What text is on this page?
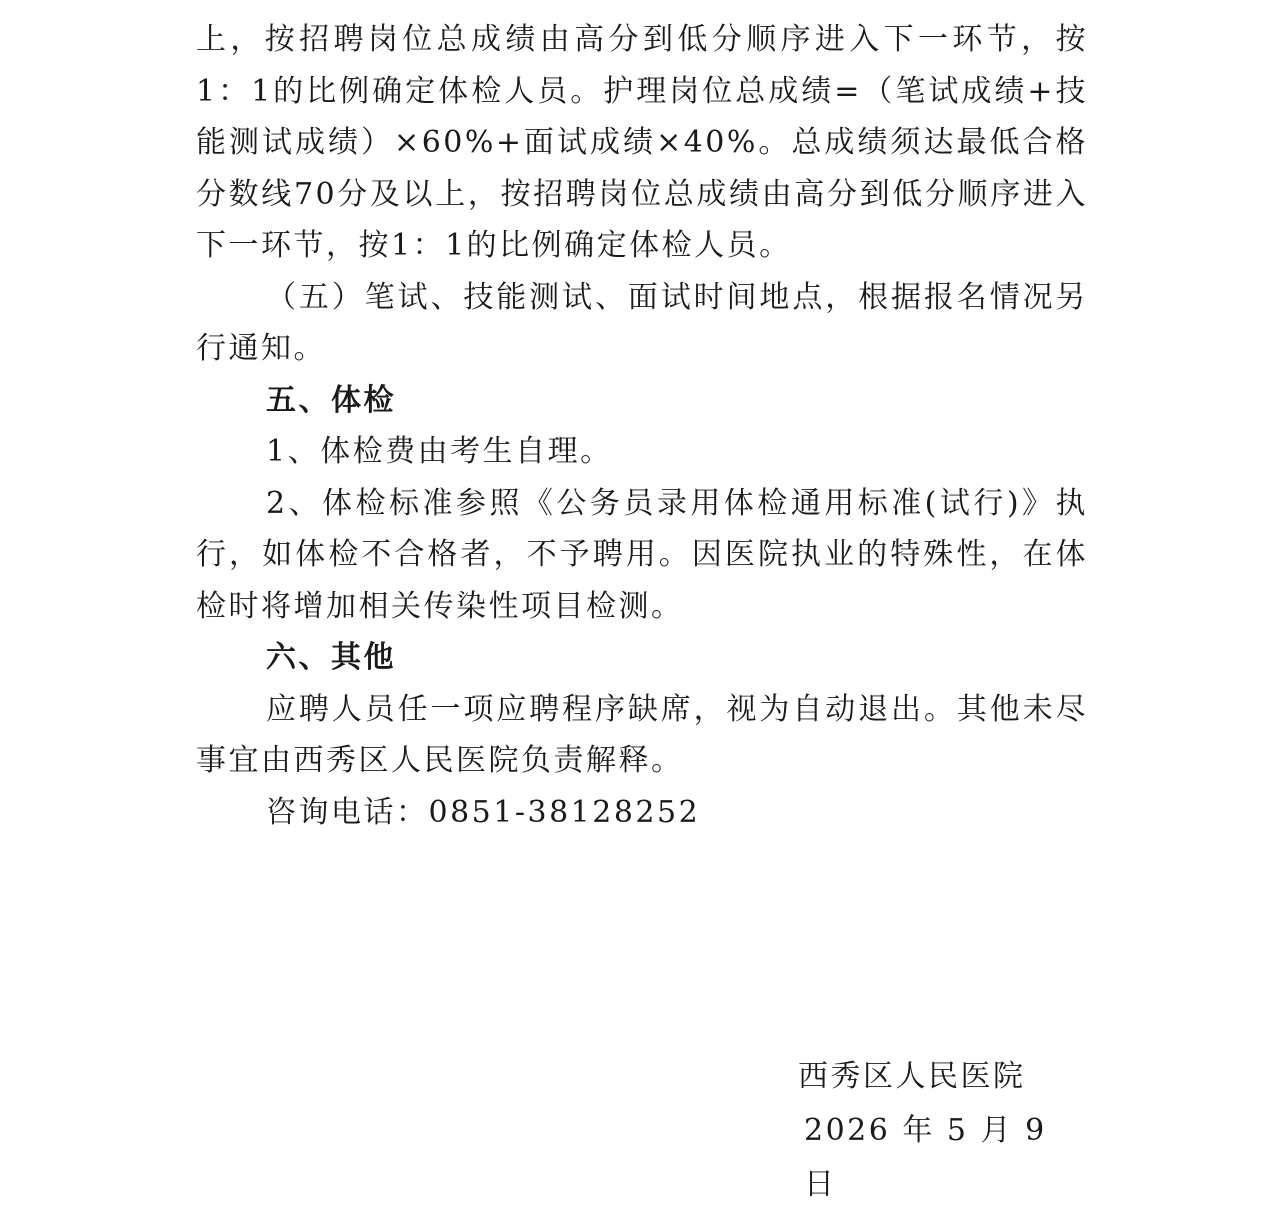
上，按招聘岗位总成绩由高分到低分顺序进入下一环节，按1：1的比例确定体检人员。护理岗位总成绩=（笔试成绩+技能测试成绩）×60%+面试成绩×40%。总成绩须达最低合格分数线70分及以上，按招聘岗位总成绩由高分到低分顺序进入下一环节，按1：1的比例确定体检人员。

（五）笔试、技能测试、面试时间地点，根据报名情况另行通知。

五、体检

1、体检费由考生自理。

2、体检标准参照《公务员录用体检通用标准(试行)》执行，如体检不合格者，不予聘用。因医院执业的特殊性，在体检时将增加相关传染性项目检测。

六、其他

应聘人员任一项应聘程序缺席，视为自动退出。其他未尽事宜由西秀区人民医院负责解释。

咨询电话：0851-38128252

西秀区人民医院

2026 年 5 月 9 日
